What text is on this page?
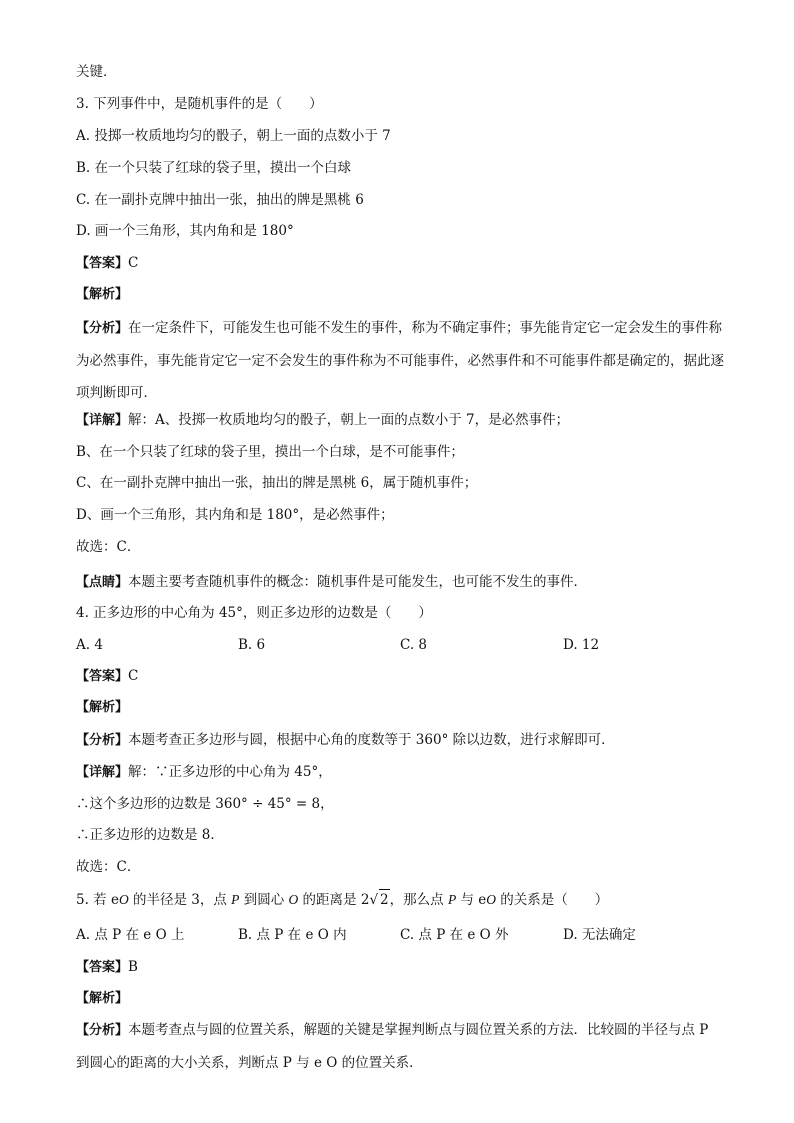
关键．
3. 下列事件中，是随机事件的是（　　）
A. 投掷一枚质地均匀的骰子，朝上一面的点数小于 7
B. 在一个只装了红球的袋子里，摸出一个白球
C. 在一副扑克牌中抽出一张，抽出的牌是黑桃 6
D. 画一个三角形，其内角和是 180°
【答案】C
【解析】
【分析】在一定条件下，可能发生也可能不发生的事件，称为不确定事件；事先能肯定它一定会发生的事件称为必然事件，事先能肯定它一定不会发生的事件称为不可能事件，必然事件和不可能事件都是确定的，据此逐项判断即可．
【详解】解：A、投掷一枚质地均匀的骰子，朝上一面的点数小于 7，是必然事件；
B、在一个只装了红球的袋子里，摸出一个白球，是不可能事件；
C、在一副扑克牌中抽出一张，抽出的牌是黑桃 6，属于随机事件；
D、画一个三角形，其内角和是 180°，是必然事件；
故选：C．
【点睛】本题主要考查随机事件的概念：随机事件是可能发生，也可能不发生的事件．
4. 正多边形的中心角为 45°，则正多边形的边数是（　　）
A. 4	B. 6	C. 8	D. 12
【答案】C
【解析】
【分析】本题考查正多边形与圆，根据中心角的度数等于 360° 除以边数，进行求解即可．
【详解】解：∵正多边形的中心角为 45°，
∴这个多边形的边数是 360° ÷ 45° = 8，
∴正多边形的边数是 8．
故选：C．
5. 若 eO 的半径是 3，点 P 到圆心 O 的距离是 2√ 2，那么点 P 与 eO 的关系是（　　）
A. 点 P 在 e O 上	B. 点 P 在 e O 内	C. 点 P 在 e O 外	D. 无法确定
【答案】B
【解析】
【分析】本题考查点与圆的位置关系，解题的关键是掌握判断点与圆位置关系的方法．比较圆的半径与点 P 到圆心的距离的大小关系，判断点 P 与 e O 的位置关系．
